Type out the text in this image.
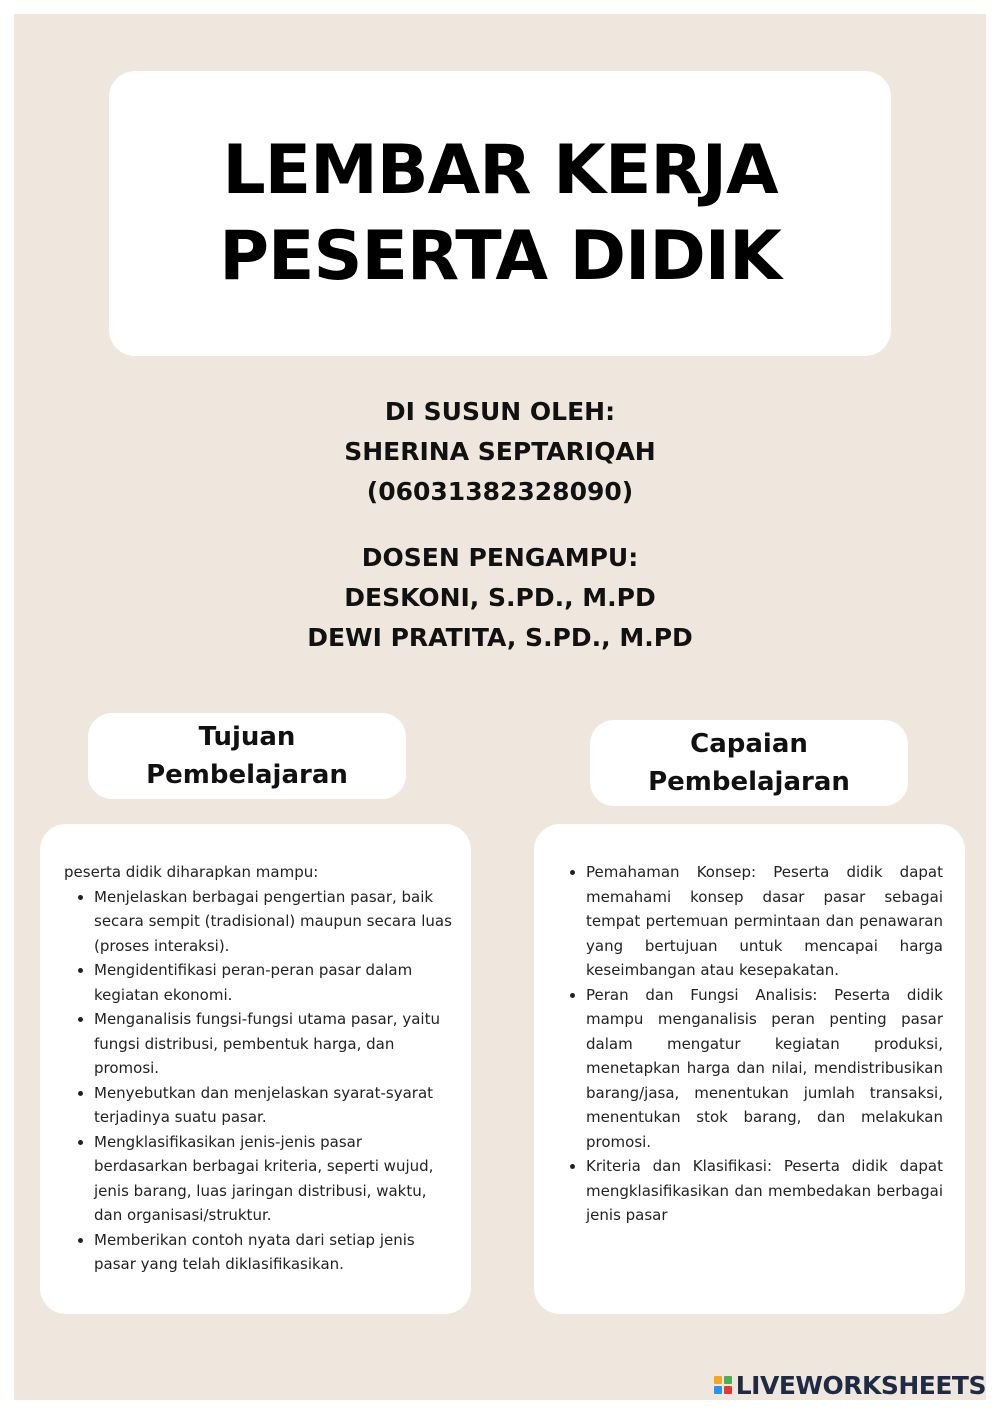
LEMBAR KERJA
PESERTA DIDIK
DI SUSUN OLEH:
SHERINA SEPTARIQAH
(06031382328090)
DOSEN PENGAMPU:
DESKONI, S.PD., M.PD
DEWI PRATITA, S.PD., M.PD
Tujuan
Pembelajaran
Capaian
Pembelajaran

peserta didik diharapkan mampu:

• Menjelaskan berbagai pengertian pasar, baik secara sempit (tradisional) maupun secara luas (proses interaksi).
• Mengidentifikasi peran-peran pasar dalam kegiatan ekonomi.
• Menganalisis fungsi-fungsi utama pasar, yaitu fungsi distribusi, pembentuk harga, dan promosi.
• Menyebutkan dan menjelaskan syarat-syarat terjadinya suatu pasar.
• Mengklasifikasikan jenis-jenis pasar berdasarkan berbagai kriteria, seperti wujud, jenis barang, luas jaringan distribusi, waktu, dan organisasi/struktur.
• Memberikan contoh nyata dari setiap jenis pasar yang telah diklasifikasikan.
• Pemahaman Konsep: Peserta didik dapat memahami konsep dasar pasar sebagai tempat pertemuan permintaan dan penawaran yang bertujuan untuk mencapai harga keseimbangan atau kesepakatan.
• Peran dan Fungsi Analisis: Peserta didik mampu menganalisis peran penting pasar dalam mengatur kegiatan produksi, menetapkan harga dan nilai, mendistribusikan barang/jasa, menentukan jumlah transaksi, menentukan stok barang, dan melakukan promosi.
• Kriteria dan Klasifikasi: Peserta didik dapat mengklasifikasikan dan membedakan berbagai jenis pasar
LIVEWORKSHEETS
